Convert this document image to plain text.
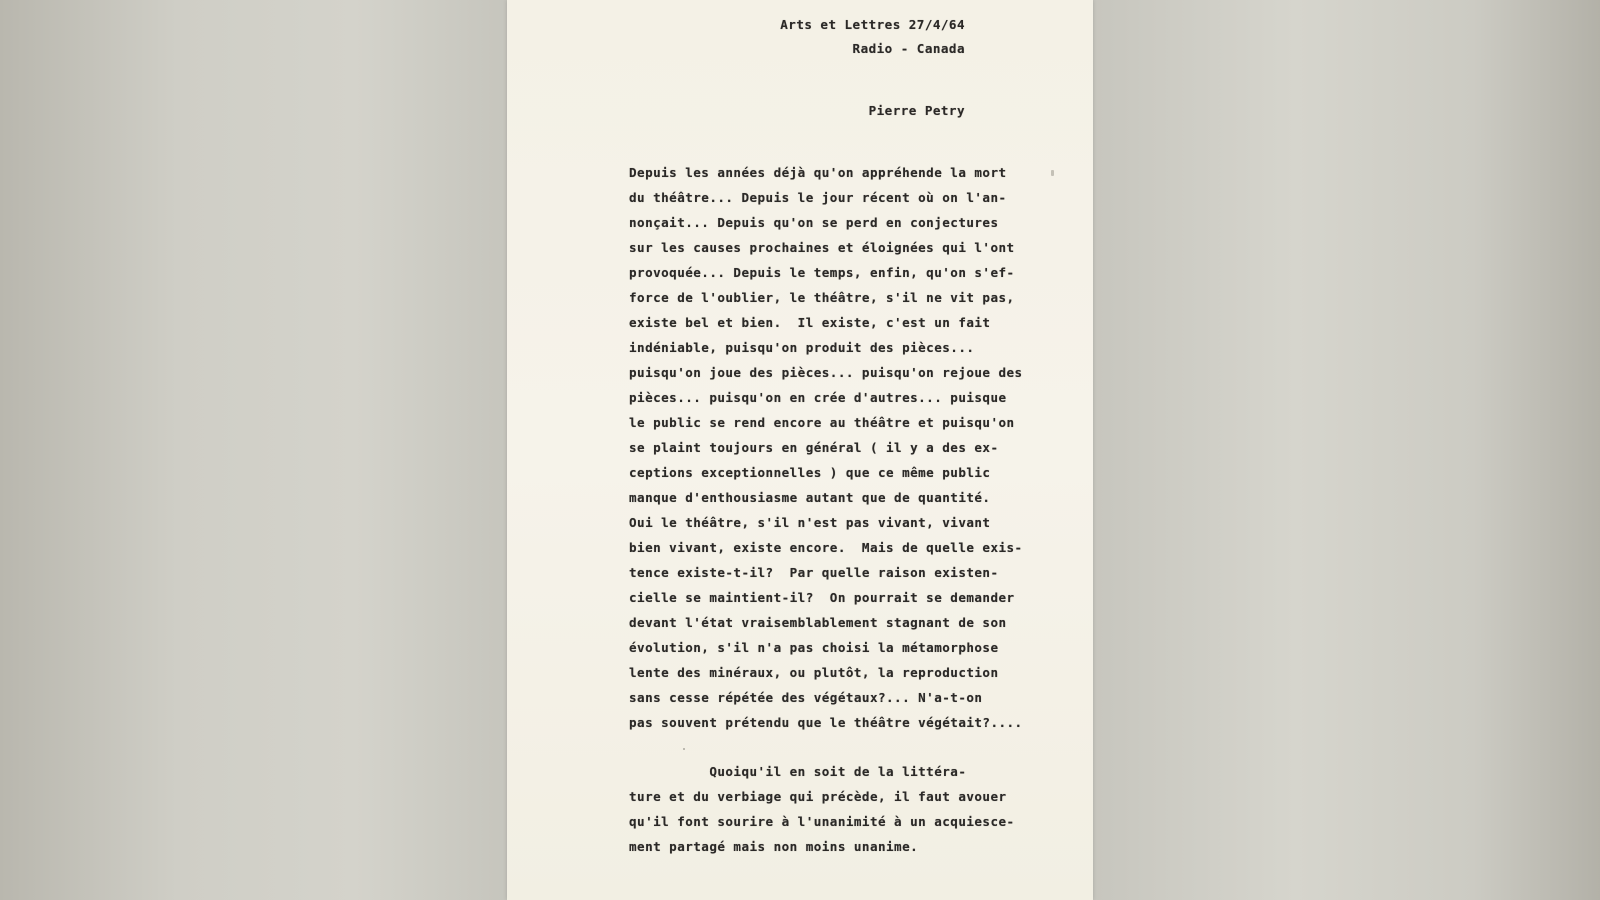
Arts et Lettres 27/4/64
Radio - Canada
Pierre Petry
Depuis les années déjà qu'on appréhende la mort
du théâtre... Depuis le jour récent où on l'an-
nonçait... Depuis qu'on se perd en conjectures
sur les causes prochaines et éloignées qui l'ont
provoquée... Depuis le temps, enfin, qu'on s'ef-
force de l'oublier, le théâtre, s'il ne vit pas,
existe bel et bien.  Il existe, c'est un fait
indéniable, puisqu'on produit des pièces...
puisqu'on joue des pièces... puisqu'on rejoue des
pièces... puisqu'on en crée d'autres... puisque
le public se rend encore au théâtre et puisqu'on
se plaint toujours en général ( il y a des ex-
ceptions exceptionnelles ) que ce même public
manque d'enthousiasme autant que de quantité.
Oui le théâtre, s'il n'est pas vivant, vivant
bien vivant, existe encore.  Mais de quelle exis-
tence existe-t-il?  Par quelle raison existen-
cielle se maintient-il?  On pourrait se demander
devant l'état vraisemblablement stagnant de son
évolution, s'il n'a pas choisi la métamorphose
lente des minéraux, ou plutôt, la reproduction
sans cesse répétée des végétaux?... N'a-t-on
pas souvent prétendu que le théâtre végétait?....
Quoiqu'il en soit de la littéra-
ture et du verbiage qui précède, il faut avouer
qu'il font sourire à l'unanimité à un acquiesce-
ment partagé mais non moins unanime.
